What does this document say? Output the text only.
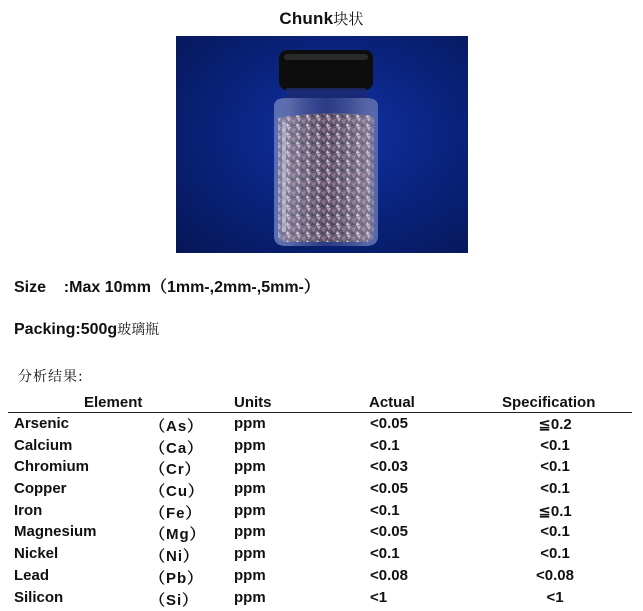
Chunk块状
Size :Max 10mm（1mm-,2mm-,5mm-）
Packing:500g玻璃瓶
分析结果:
Element	Units	Actual	Specification
Arsenic	（As） ppm	<0.05	≦0.2
Calcium	（Ca） ppm	<0.1	<0.1
Chromium	（Cr） ppm	<0.03	<0.1
Copper	（Cu） ppm	<0.05	<0.1
Iron	（Fe） ppm	<0.1	≦0.1
Magnesium	（Mg） ppm	<0.05	<0.1
Nickel	（Ni） ppm	<0.1	<0.1
Lead	（Pb） ppm	<0.08	<0.08
Silicon	（Si） ppm	<1	<1
